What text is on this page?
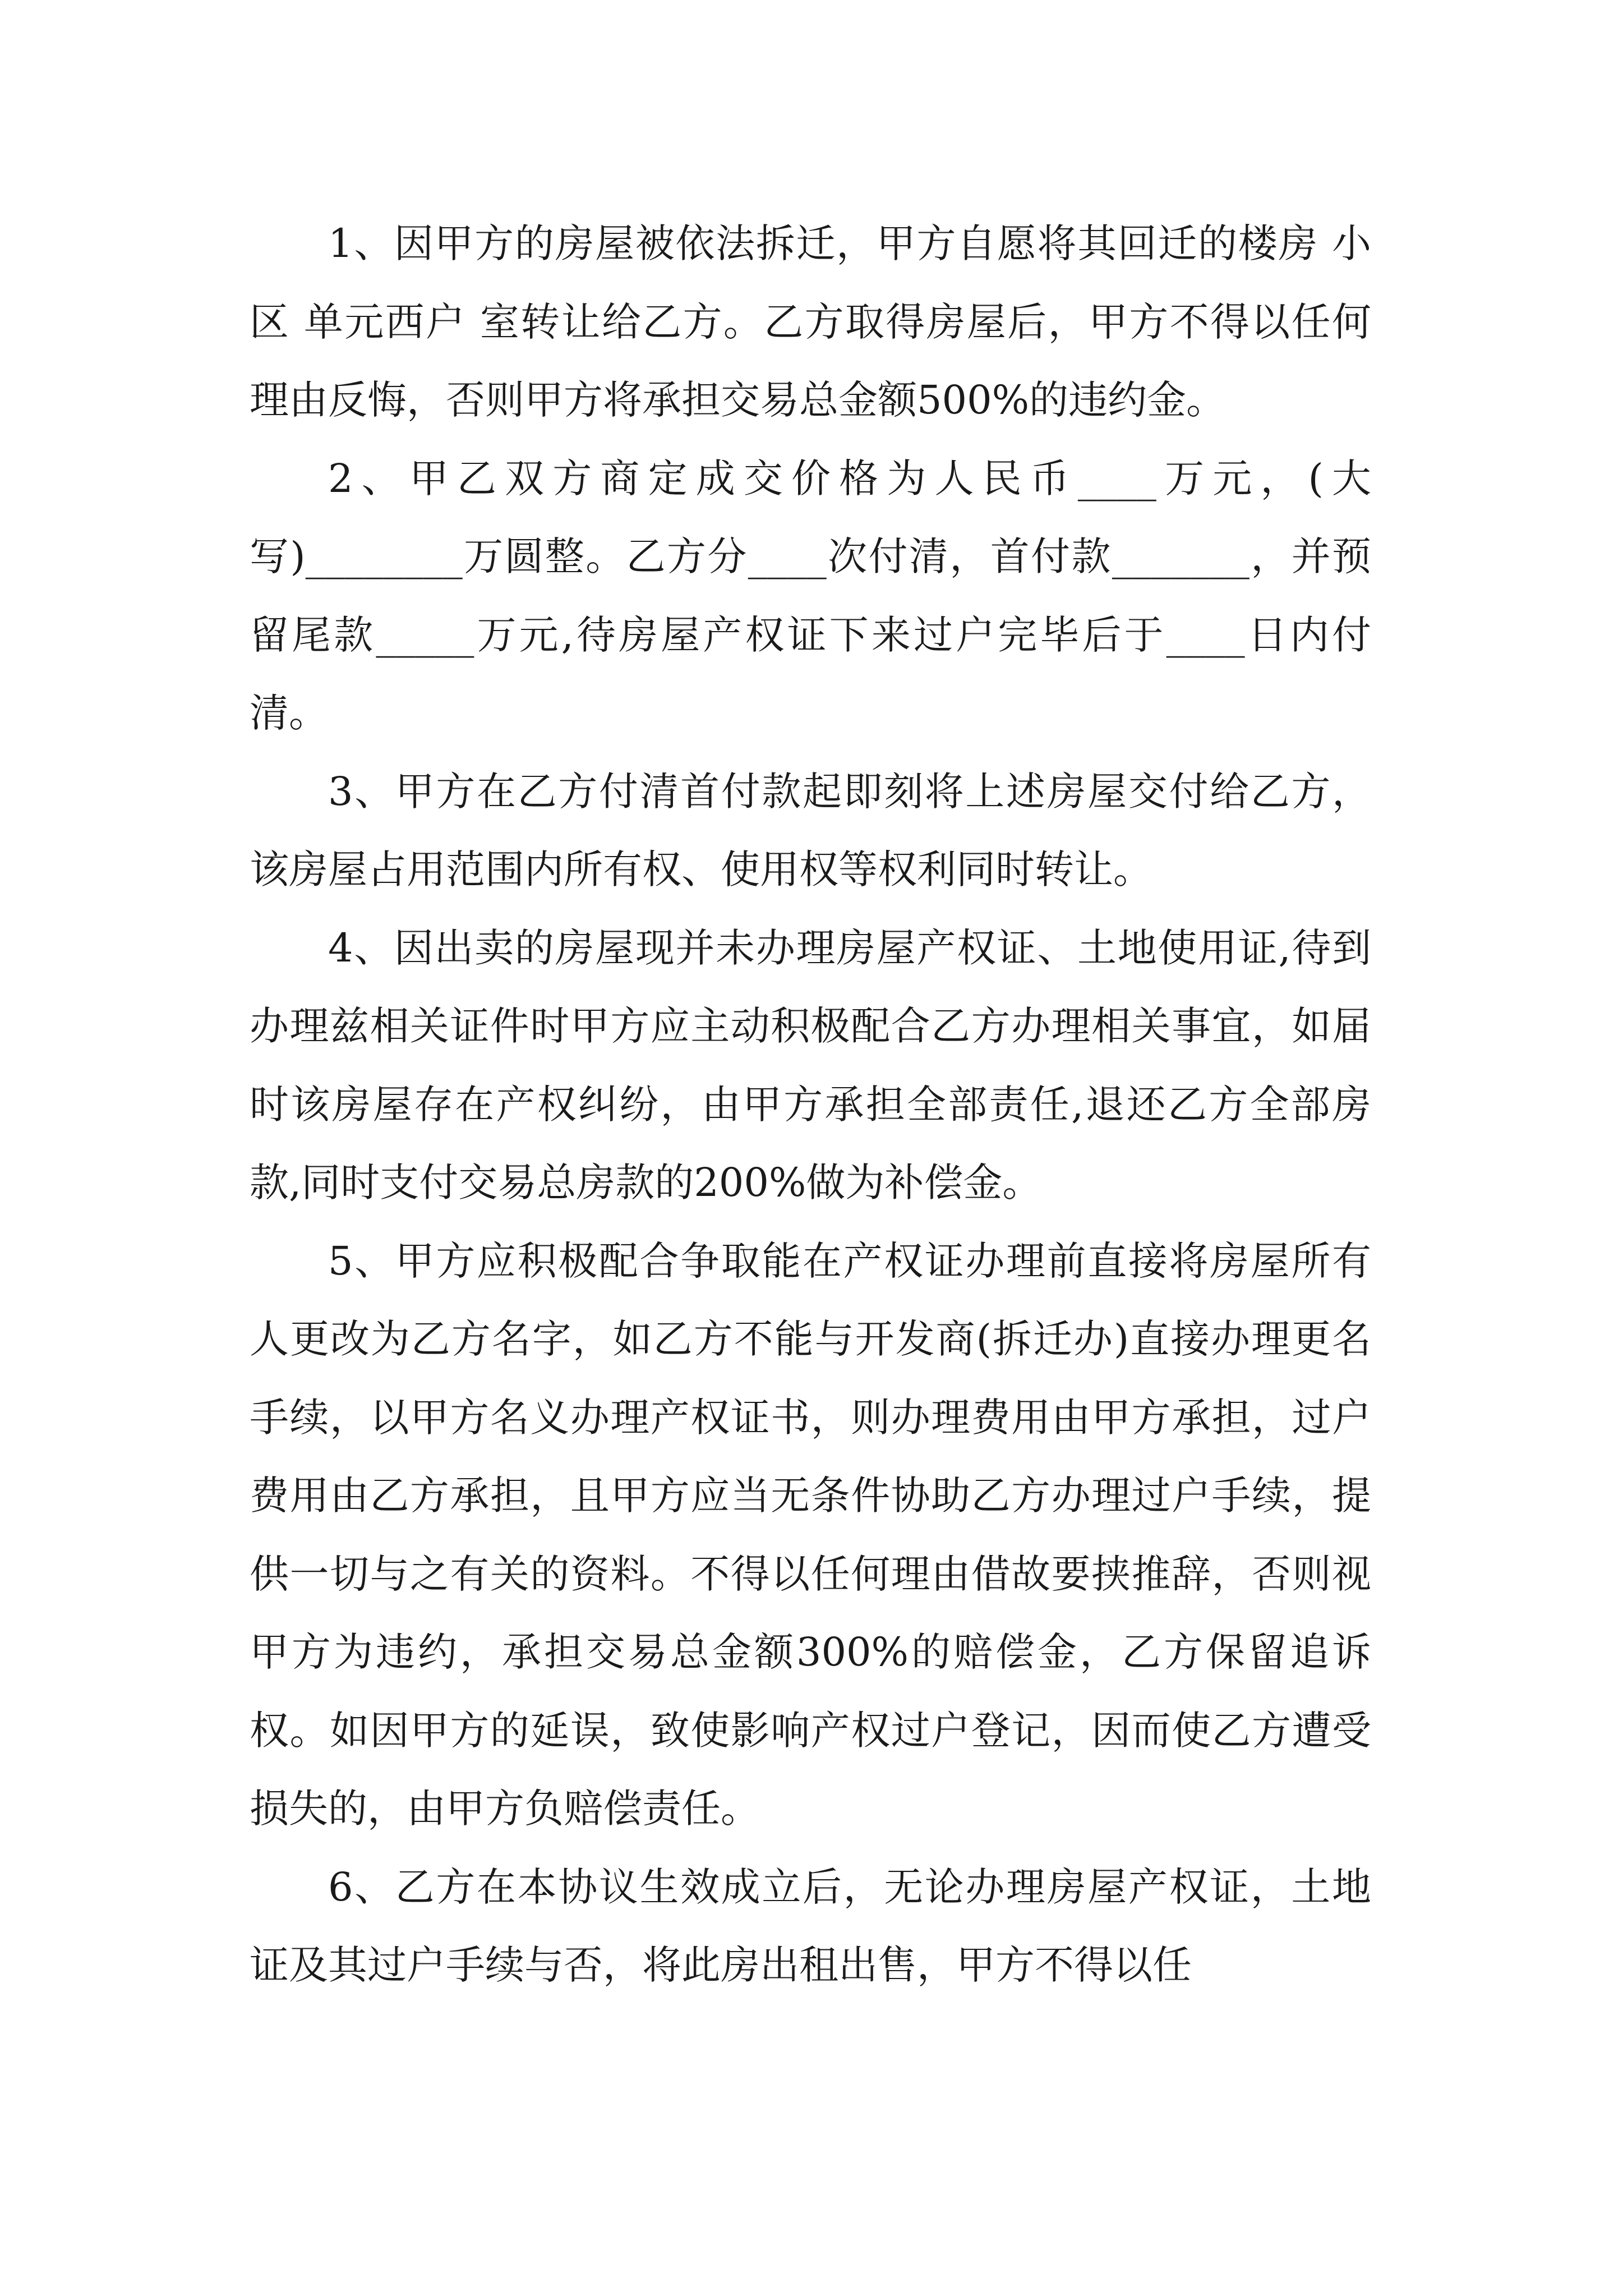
1、因甲方的房屋被依法拆迁，甲方自愿将其回迁的楼房 小区 单元西户 室转让给乙方。乙方取得房屋后，甲方不得以任何理由反悔，否则甲方将承担交易总金额500%的违约金。

2、甲乙双方商定成交价格为人民币____万元，(大写)________万圆整。乙方分____次付清，首付款_______，并预留尾款_____万元,待房屋产权证下来过户完毕后于____日内付清。

3、甲方在乙方付清首付款起即刻将上述房屋交付给乙方，该房屋占用范围内所有权、使用权等权利同时转让。

4、因出卖的房屋现并未办理房屋产权证、土地使用证,待到办理兹相关证件时甲方应主动积极配合乙方办理相关事宜，如届时该房屋存在产权纠纷，由甲方承担全部责任,退还乙方全部房款,同时支付交易总房款的200%做为补偿金。

5、甲方应积极配合争取能在产权证办理前直接将房屋所有人更改为乙方名字，如乙方不能与开发商(拆迁办)直接办理更名手续，以甲方名义办理产权证书，则办理费用由甲方承担，过户费用由乙方承担，且甲方应当无条件协助乙方办理过户手续，提供一切与之有关的资料。不得以任何理由借故要挟推辞，否则视甲方为违约，承担交易总金额300%的赔偿金，乙方保留追诉权。如因甲方的延误，致使影响产权过户登记，因而使乙方遭受损失的，由甲方负赔偿责任。

6、乙方在本协议生效成立后，无论办理房屋产权证，土地证及其过户手续与否，将此房出租出售，甲方不得以任
